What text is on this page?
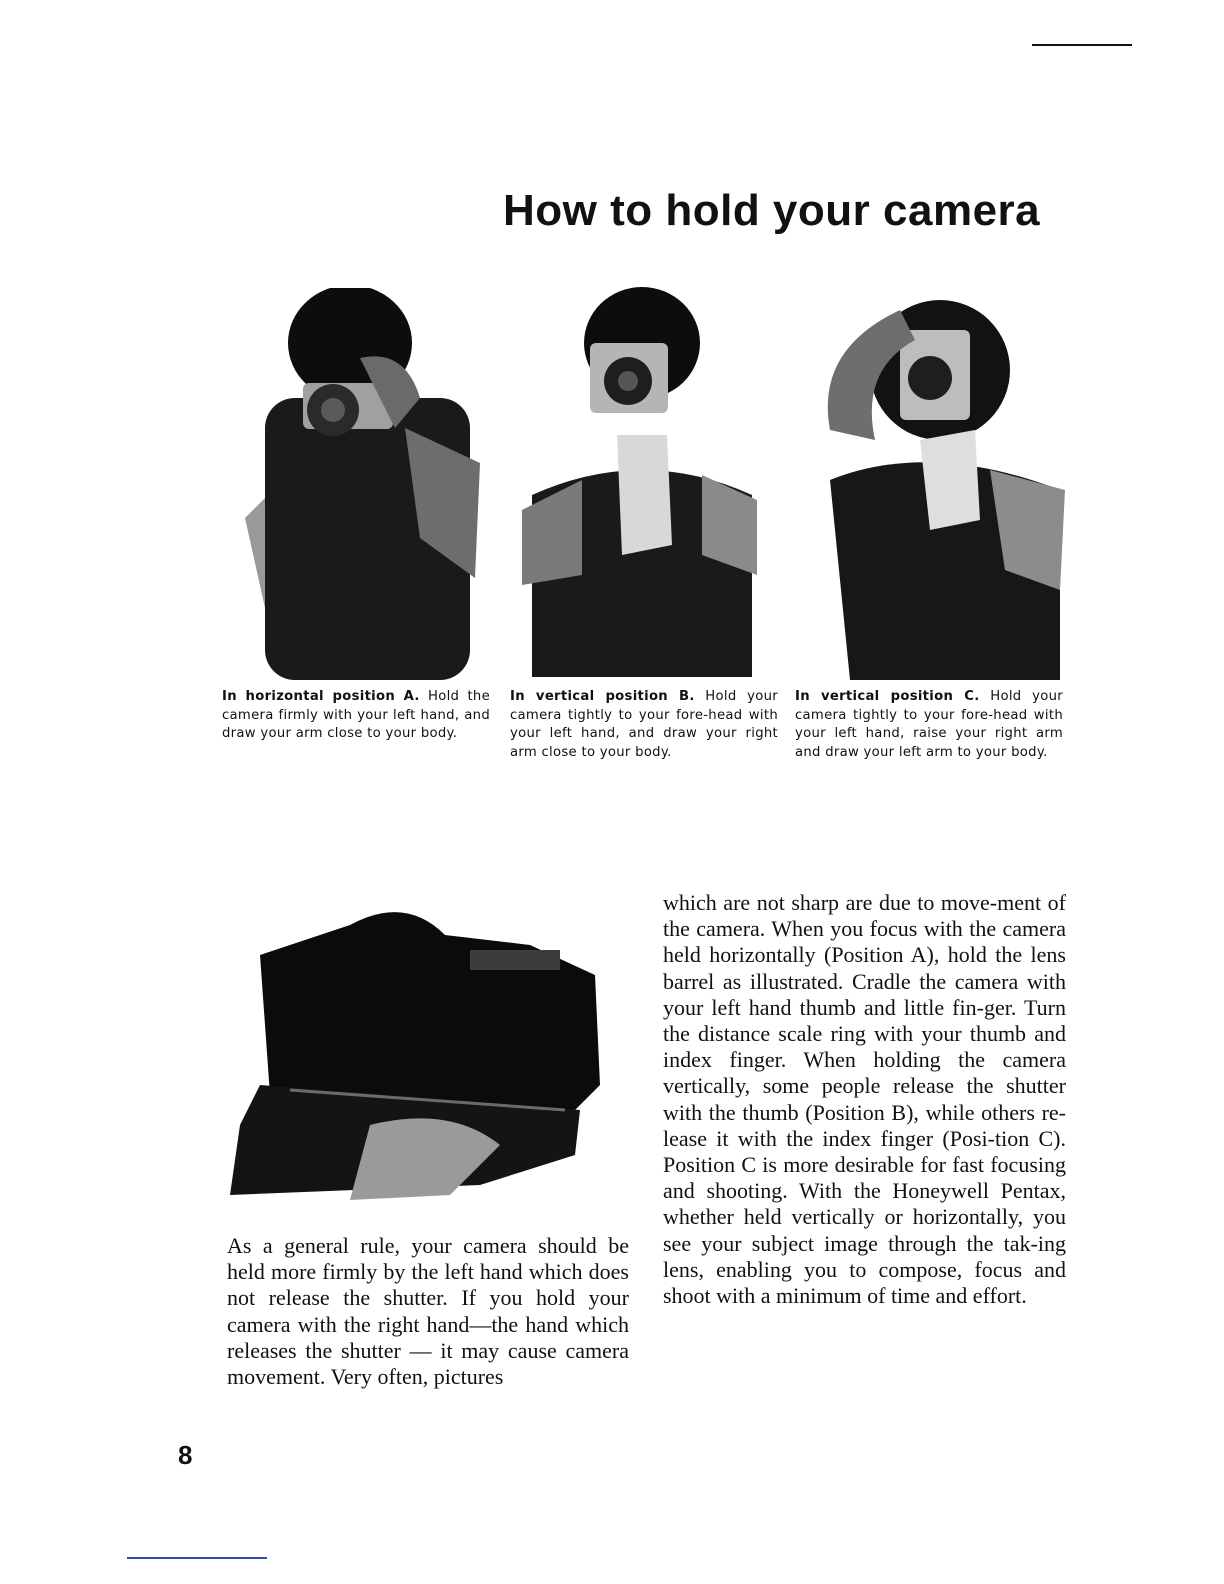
How to hold your camera
In horizontal position A. Hold the camera firmly with your left hand, and draw your arm close to your body.
In vertical position B. Hold your camera tightly to your fore-head with your left hand, and draw your right arm close to your body.
In vertical position C. Hold your camera tightly to your fore-head with your left hand, raise your right arm and draw your left arm to your body.
As a general rule, your camera should be held more firmly by the left hand which does not release the shutter. If you hold your camera with the right hand—the hand which releases the shutter — it may cause camera movement. Very often, pictures
which are not sharp are due to move-ment of the camera. When you focus with the camera held horizontally (Position A), hold the lens barrel as illustrated. Cradle the camera with your left hand thumb and little fin-ger. Turn the distance scale ring with your thumb and index finger. When holding the camera vertically, some people release the shutter with the thumb (Position B), while others re-lease it with the index finger (Posi-tion C). Position C is more desirable for fast focusing and shooting. With the Honeywell Pentax, whether held vertically or horizontally, you see your subject image through the tak-ing lens, enabling you to compose, focus and shoot with a minimum of time and effort.
8
